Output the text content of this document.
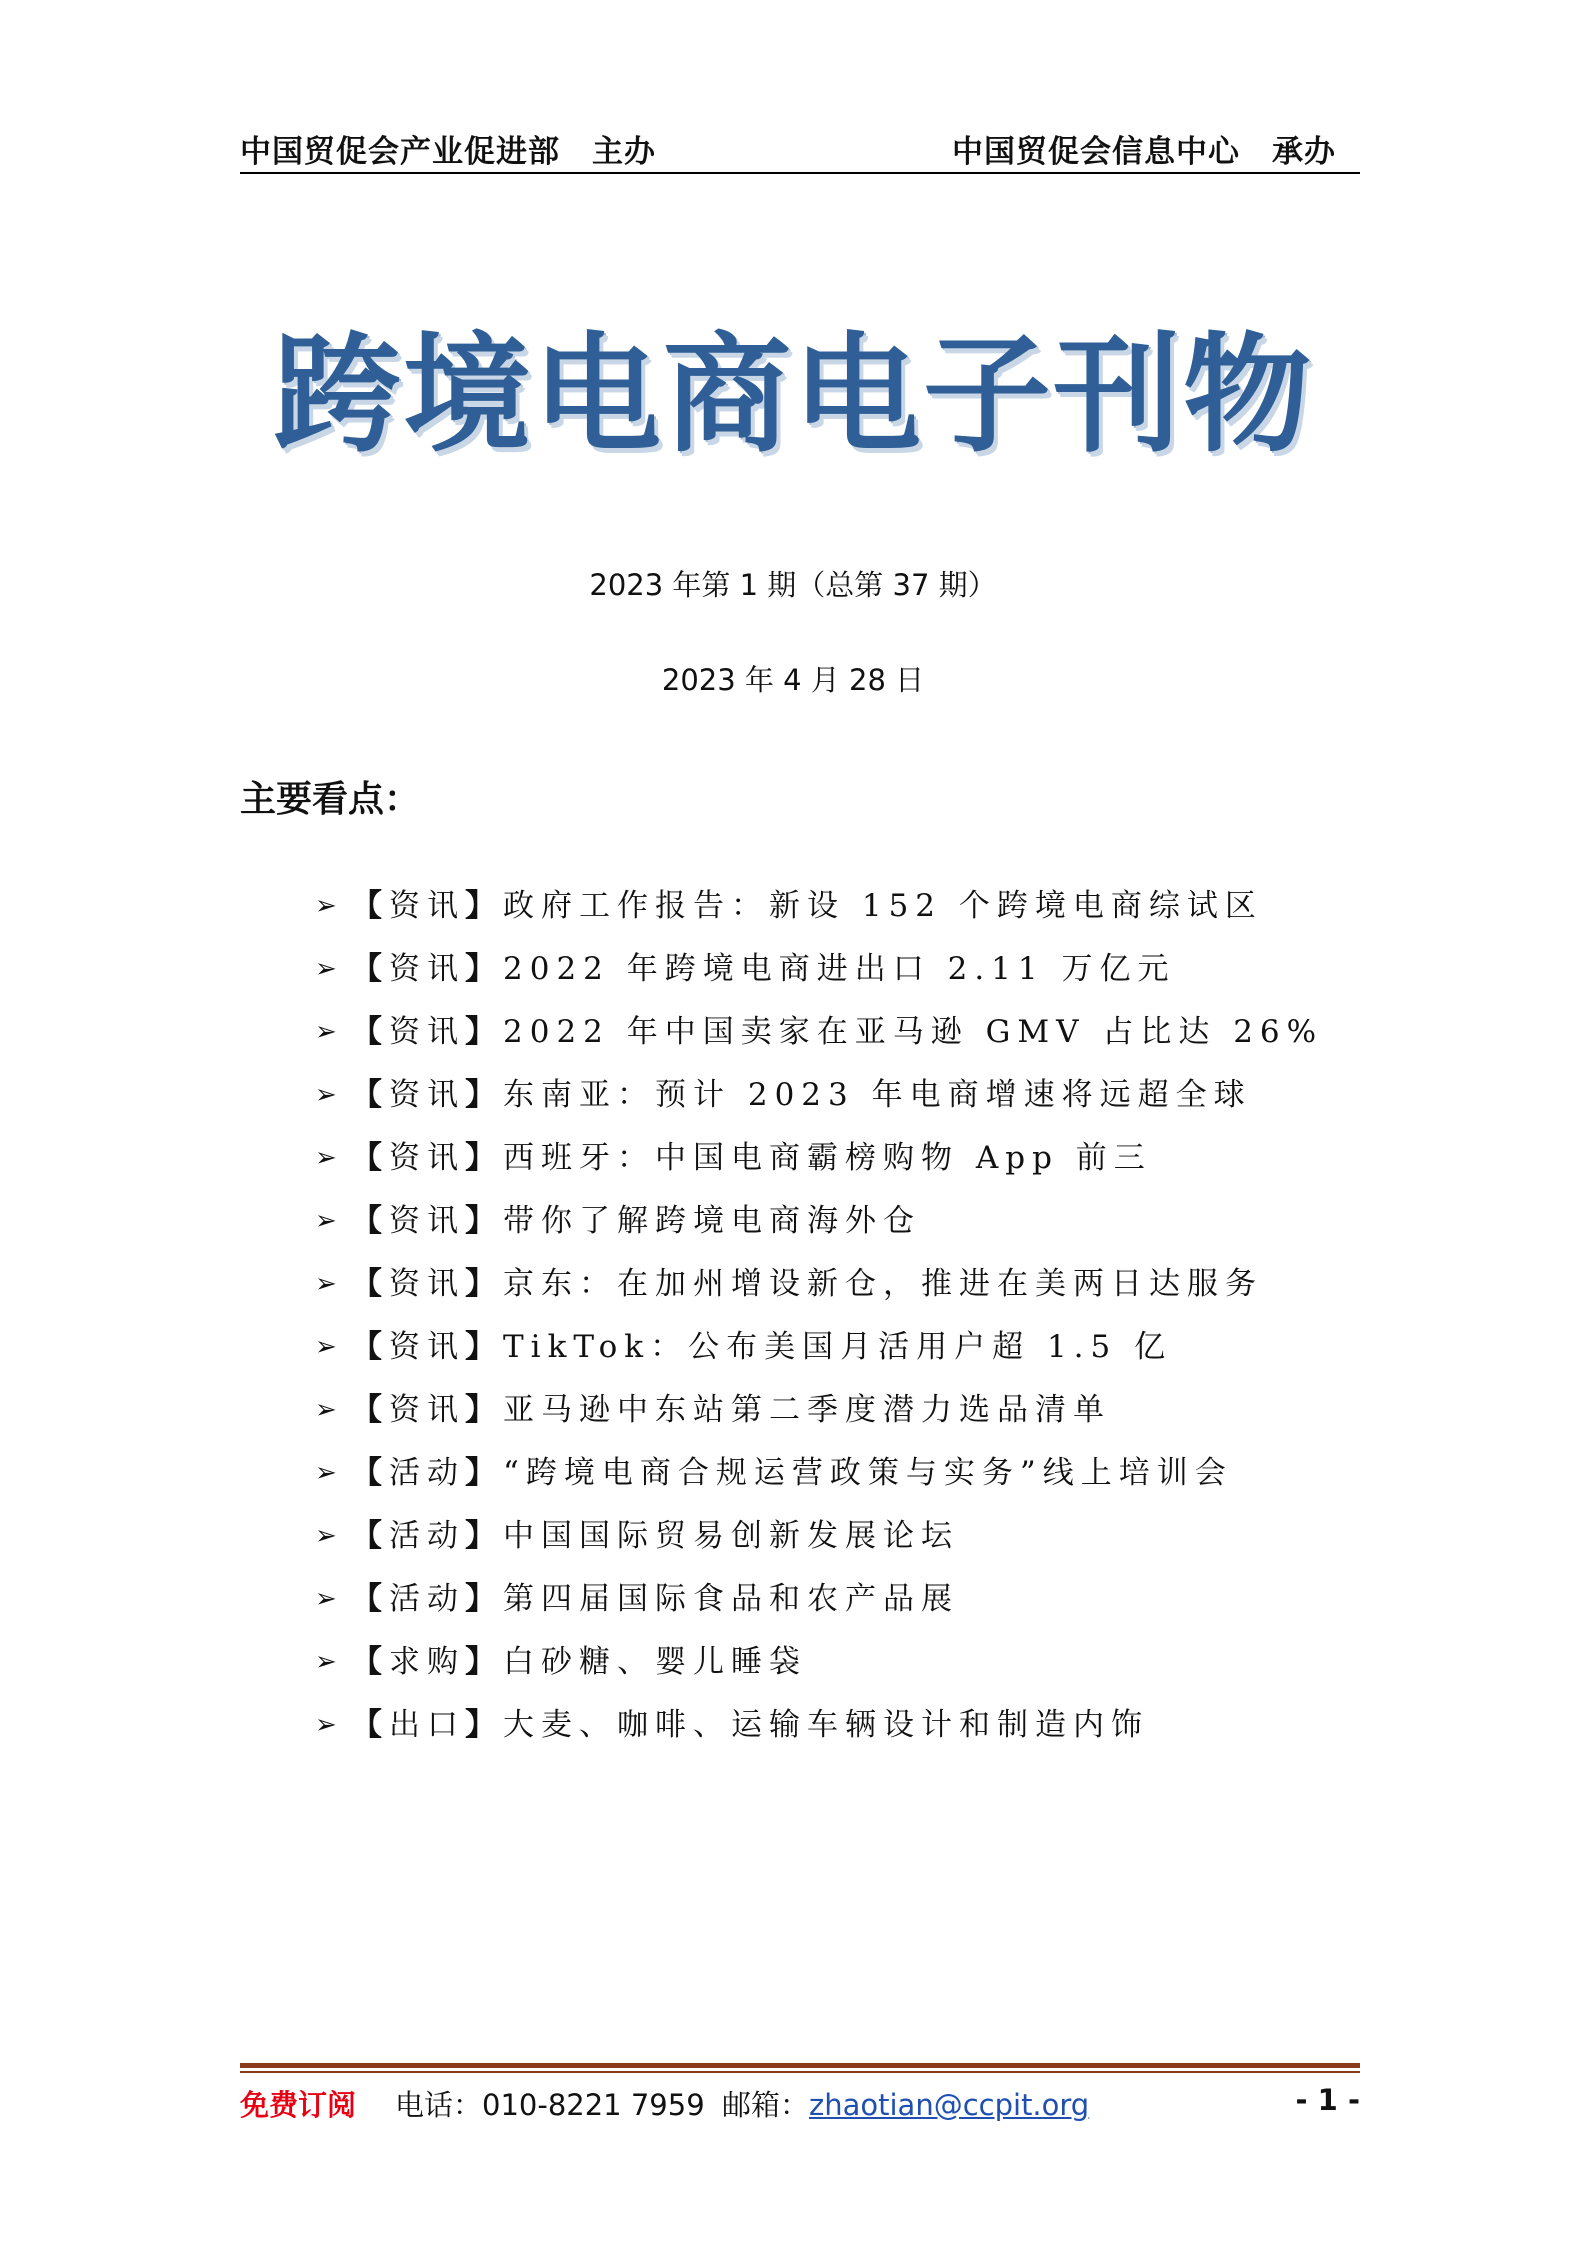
中国贸促会产业促进部　主办	中国贸促会信息中心　承办
跨境电商电子刊物
2023 年第 1 期（总第 37 期）
2023 年 4 月 28 日
主要看点：
➢ 【资讯】政府工作报告：新设 152 个跨境电商综试区
➢ 【资讯】2022 年跨境电商进出口 2.11 万亿元
➢ 【资讯】2022 年中国卖家在亚马逊 GMV 占比达 26%
➢ 【资讯】东南亚：预计 2023 年电商增速将远超全球
➢ 【资讯】西班牙：中国电商霸榜购物 App 前三
➢ 【资讯】带你了解跨境电商海外仓
➢ 【资讯】京东：在加州增设新仓，推进在美两日达服务
➢ 【资讯】TikTok：公布美国月活用户超 1.5 亿
➢ 【资讯】亚马逊中东站第二季度潜力选品清单
➢ 【活动】“跨境电商合规运营政策与实务”线上培训会
➢ 【活动】中国国际贸易创新发展论坛
➢ 【活动】第四届国际食品和农产品展
➢ 【求购】白砂糖、婴儿睡袋
➢ 【出口】大麦、咖啡、运输车辆设计和制造内饰
免费订阅 电话：010-8221 7959 邮箱：zhaotian@ccpit.org	- 1 -
